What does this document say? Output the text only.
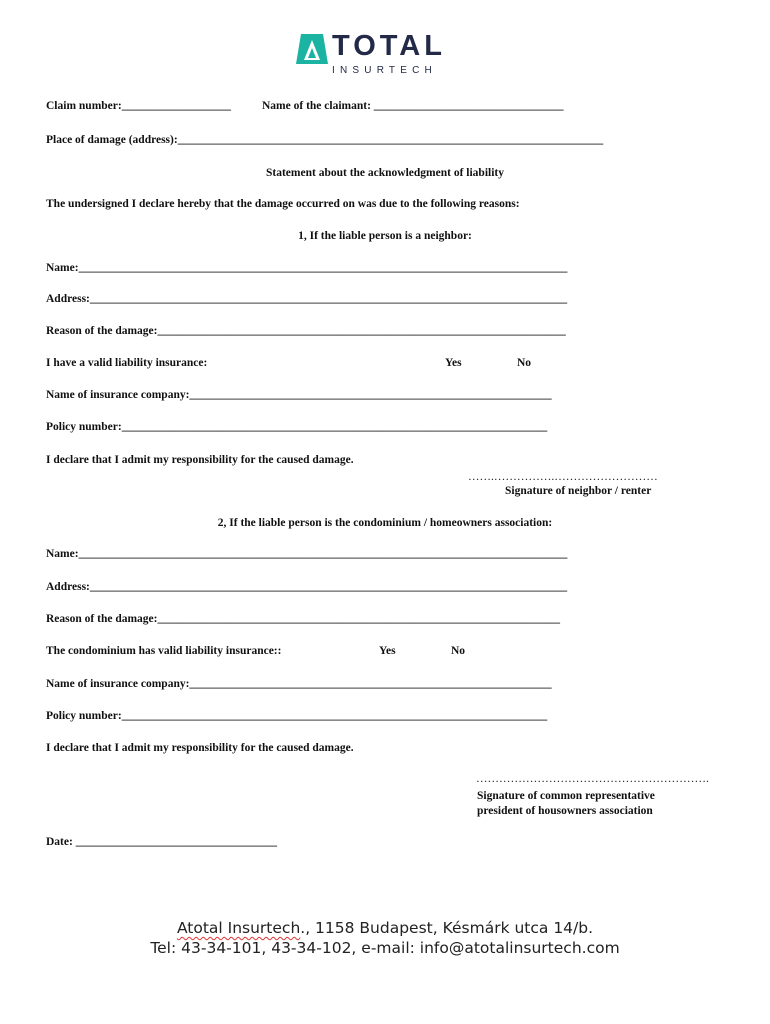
TOTAL
INSURTECH
Claim number:___________________	Name of the claimant: _________________________________
Place of damage (address):__________________________________________________________________________
Statement about the acknowledgment of liability
The undersigned I declare hereby that the damage occurred on was due to the following reasons:
1, If the liable person is a neighbor:
Name:_____________________________________________________________________________________
Address:___________________________________________________________________________________
Reason of the damage:_______________________________________________________________________
I have a valid liability insurance:	Yes	No
Name of insurance company:_______________________________________________________________
Policy number:__________________________________________________________________________
I declare that I admit my responsibility for the caused damage.
…….…………….………………………
Signature of neighbor / renter
2, If the liable person is the condominium / homeowners association:
Name:_____________________________________________________________________________________
Address:___________________________________________________________________________________
Reason of the damage:______________________________________________________________________
The condominium has valid liability insurance::	Yes	No
Name of insurance company:_______________________________________________________________
Policy number:__________________________________________________________________________
I declare that I admit my responsibility for the caused damage.
…………………………………………………….
Signature of common representative
president of housowners association
Date: ___________________________________
Atotal Insurtech., 1158 Budapest, Késmárk utca 14/b.
Tel: 43-34-101, 43-34-102, e-mail: info@atotalinsurtech.com
